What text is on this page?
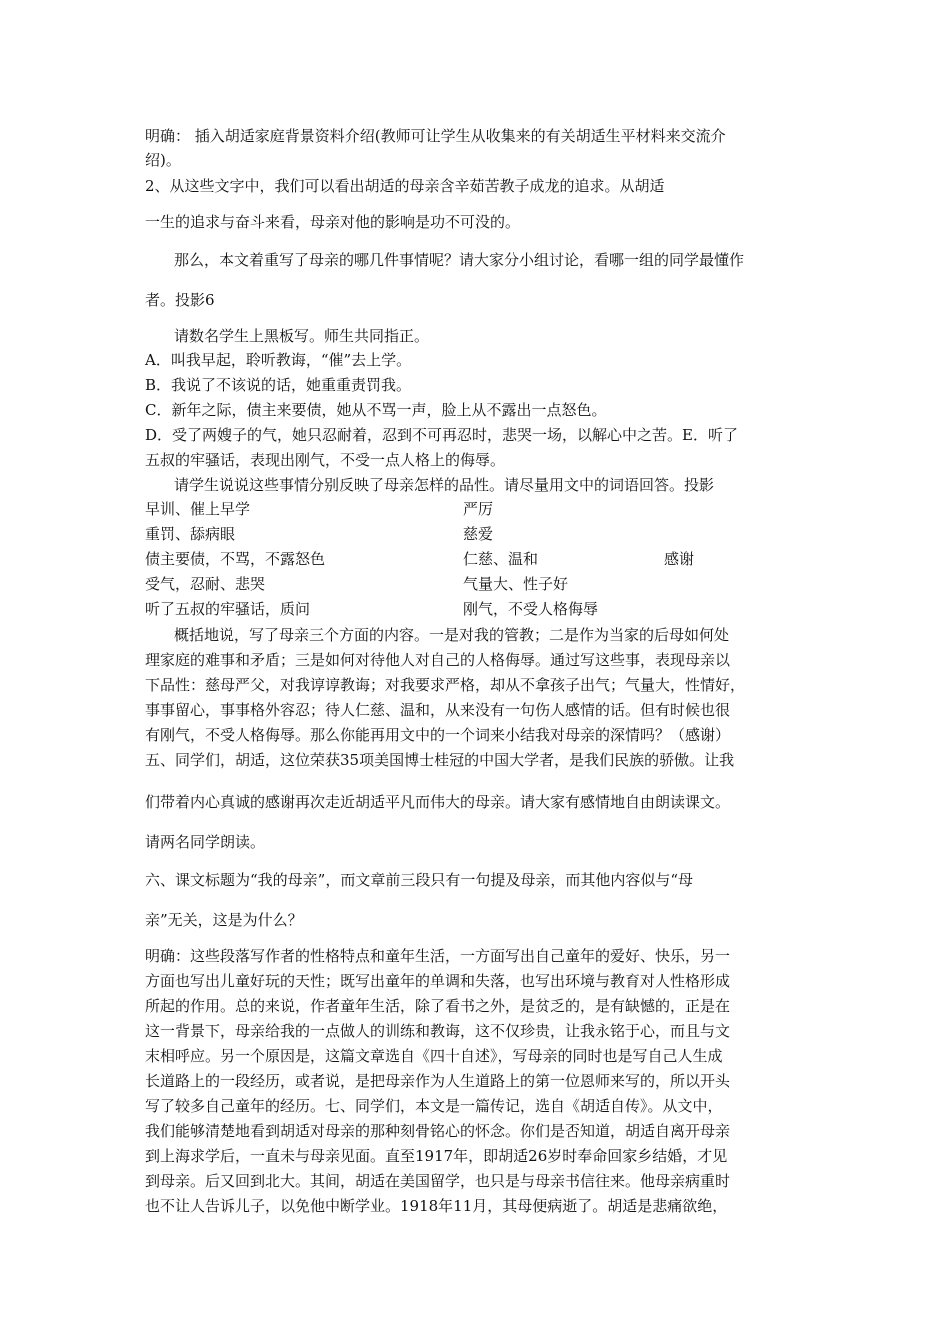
明确： 插入胡适家庭背景资料介绍(教师可让学生从收集来的有关胡适生平材料来交流介
绍)。
2、从这些文字中，我们可以看出胡适的母亲含辛茹苦教子成龙的追求。从胡适
一生的追求与奋斗来看，母亲对他的影响是功不可没的。
那么，本文着重写了母亲的哪几件事情呢？请大家分小组讨论，看哪一组的同学最懂作
者。投影6
请数名学生上黑板写。师生共同指正。
A．叫我早起，聆听教诲，“催”去上学。
B．我说了不该说的话，她重重责罚我。
C．新年之际，债主来要债，她从不骂一声，脸上从不露出一点怒色。
D．受了两嫂子的气，她只忍耐着，忍到不可再忍时，悲哭一场，以解心中之苦。E．听了
五叔的牢骚话，表现出刚气，不受一点人格上的侮辱。
请学生说说这些事情分别反映了母亲怎样的品性。请尽量用文中的词语回答。投影
早训、催上早学	严厉
重罚、舔病眼	慈爱
债主要债，不骂，不露怒色	仁慈、温和	感谢
受气，忍耐、悲哭	气量大、性子好
听了五叔的牢骚话，质问	刚气，不受人格侮辱
概括地说，写了母亲三个方面的内容。一是对我的管教；二是作为当家的后母如何处
理家庭的难事和矛盾；三是如何对待他人对自己的人格侮辱。通过写这些事，表现母亲以
下品性：慈母严父，对我谆谆教诲；对我要求严格，却从不拿孩子出气；气量大，性情好，
事事留心，事事格外容忍；待人仁慈、温和，从来没有一句伤人感情的话。但有时候也很
有刚气，不受人格侮辱。那么你能再用文中的一个词来小结我对母亲的深情吗？（感谢）
五、同学们，胡适，这位荣获35项美国博士桂冠的中国大学者，是我们民族的骄傲。让我
们带着内心真诚的感谢再次走近胡适平凡而伟大的母亲。请大家有感情地自由朗读课文。
请两名同学朗读。
六、课文标题为“我的母亲”，而文章前三段只有一句提及母亲，而其他内容似与“母
亲”无关，这是为什么？
明确：这些段落写作者的性格特点和童年生活，一方面写出自己童年的爱好、快乐，另一
方面也写出儿童好玩的天性；既写出童年的单调和失落，也写出环境与教育对人性格形成
所起的作用。总的来说，作者童年生活，除了看书之外，是贫乏的，是有缺憾的，正是在
这一背景下，母亲给我的一点做人的训练和教诲，这不仅珍贵，让我永铭于心，而且与文
末相呼应。另一个原因是，这篇文章选自《四十自述》，写母亲的同时也是写自己人生成
长道路上的一段经历，或者说，是把母亲作为人生道路上的第一位恩师来写的，所以开头
写了较多自己童年的经历。七、同学们，本文是一篇传记，选自《胡适自传》。从文中，
我们能够清楚地看到胡适对母亲的那种刻骨铭心的怀念。你们是否知道，胡适自离开母亲
到上海求学后，一直未与母亲见面。直至1917年，即胡适26岁时奉命回家乡结婚，才见
到母亲。后又回到北大。其间，胡适在美国留学，也只是与母亲书信往来。他母亲病重时
也不让人告诉儿子，以免他中断学业。1918年11月，其母便病逝了。胡适是悲痛欲绝，
